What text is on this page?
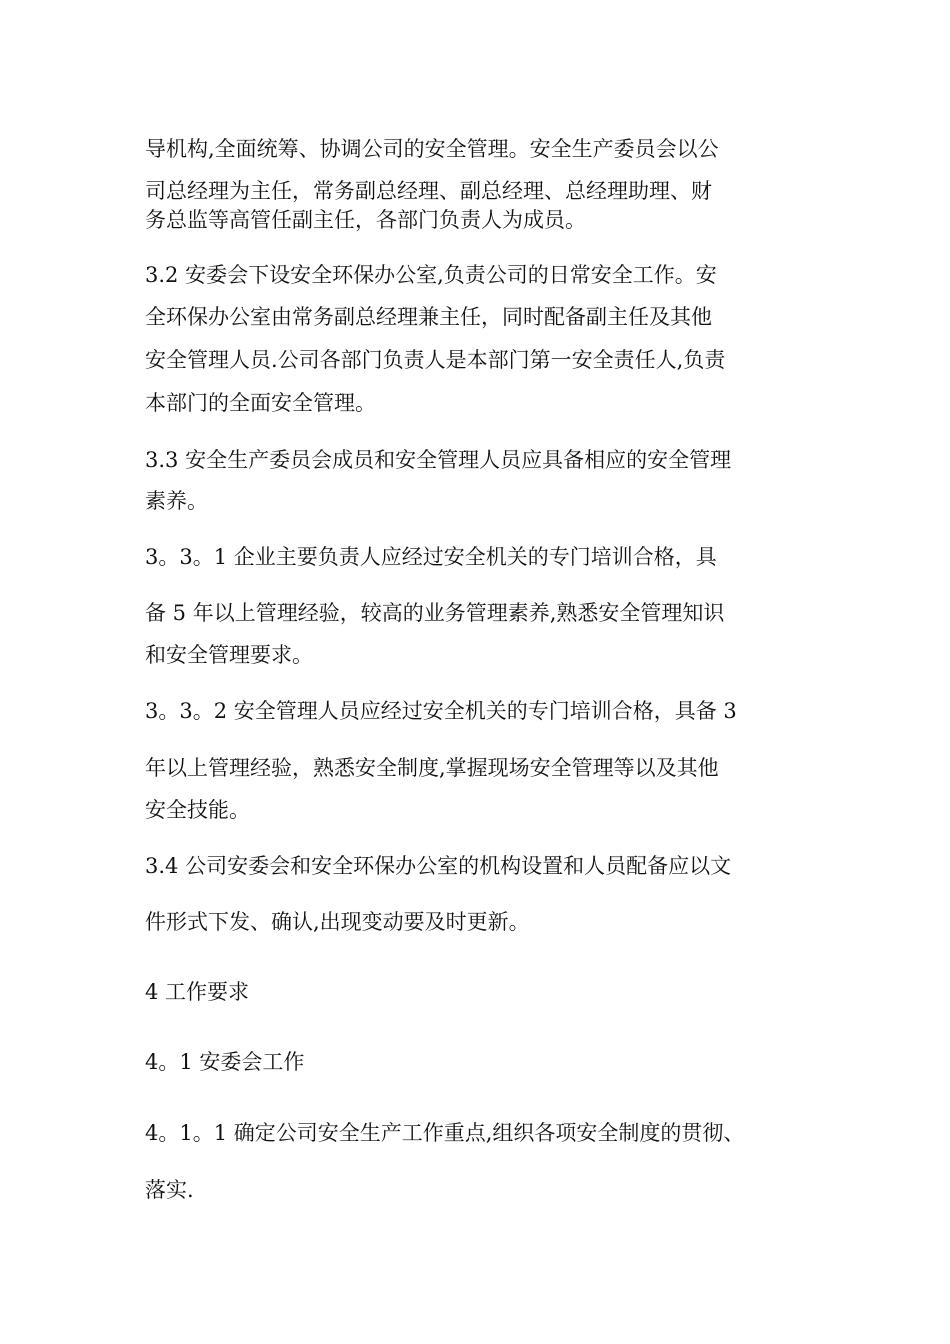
导机构,全面统筹、协调公司的安全管理。安全生产委员会以公
司总经理为主任，常务副总经理、副总经理、总经理助理、财
务总监等高管任副主任，各部门负责人为成员。
3.2 安委会下设安全环保办公室,负责公司的日常安全工作。安
全环保办公室由常务副总经理兼主任，同时配备副主任及其他
安全管理人员.公司各部门负责人是本部门第一安全责任人,负责
本部门的全面安全管理。
3.3 安全生产委员会成员和安全管理人员应具备相应的安全管理
素养。
3。3。1 企业主要负责人应经过安全机关的专门培训合格，具
备 5 年以上管理经验，较高的业务管理素养,熟悉安全管理知识
和安全管理要求。
3。3。2 安全管理人员应经过安全机关的专门培训合格，具备 3
年以上管理经验，熟悉安全制度,掌握现场安全管理等以及其他
安全技能。
3.4 公司安委会和安全环保办公室的机构设置和人员配备应以文
件形式下发、确认,出现变动要及时更新。
4 工作要求
4。1 安委会工作
4。1。1 确定公司安全生产工作重点,组织各项安全制度的贯彻、
落实.
